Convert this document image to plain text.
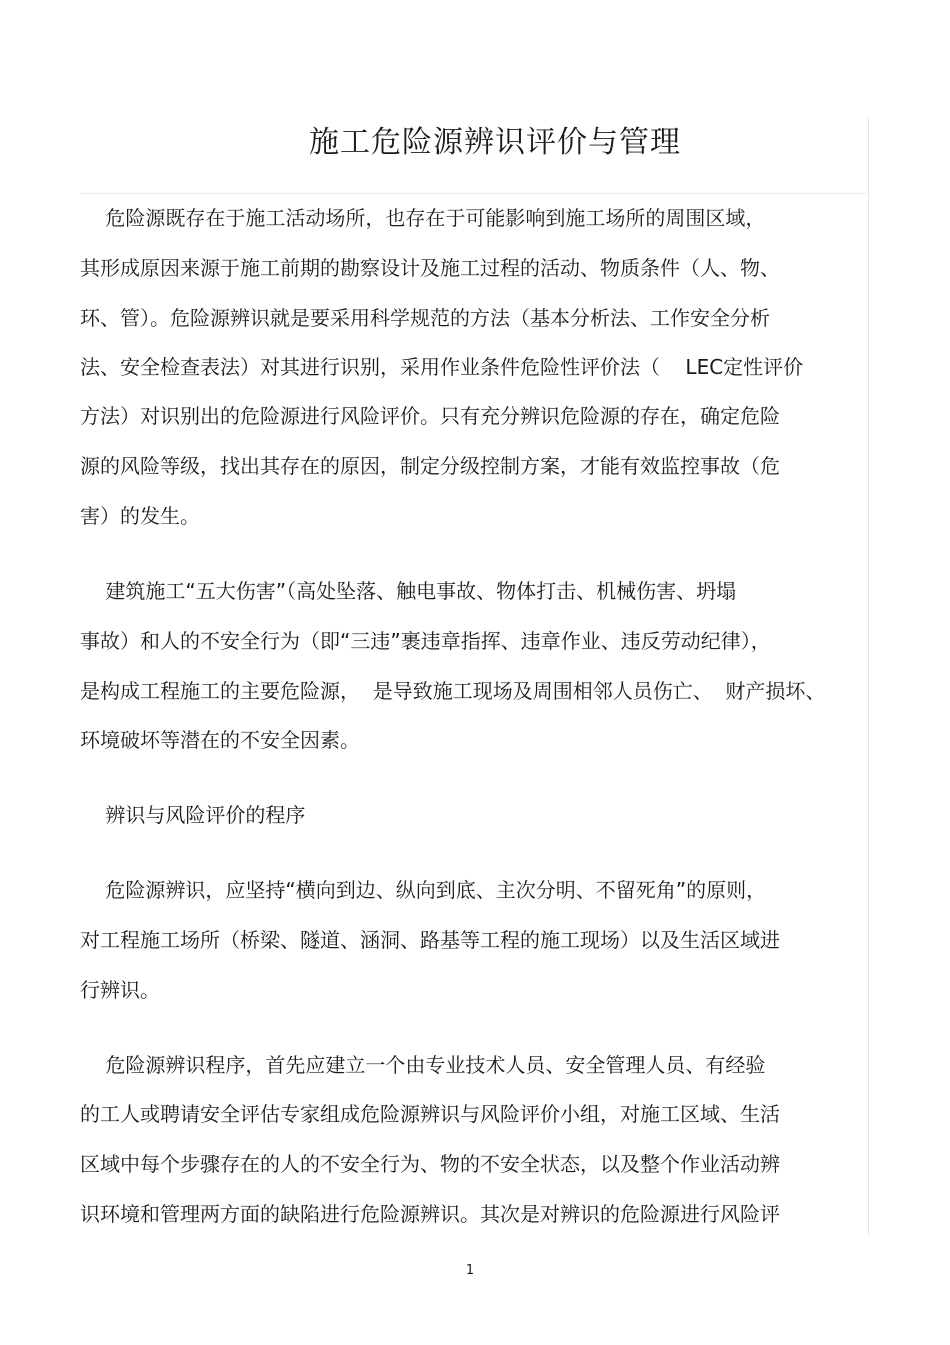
施工危险源辨识评价与管理

危险源既存在于施工活动场所，也存在于可能影响到施工场所的周围区域，

其形成原因来源于施工前期的勘察设计及施工过程的活动、物质条件（人、物、

环、管）。危险源辨识就是要采用科学规范的方法（基本分析法、工作安全分析

法、安全检查表法）对其进行识别，采用作业条件危险性评价法（    LEC定性评价

方法）对识别出的危险源进行风险评价。只有充分辨识危险源的存在，确定危险

源的风险等级，找出其存在的原因，制定分级控制方案，才能有效监控事故（危

害）的发生。

建筑施工“五大伤害”（高处坠落、触电事故、物体打击、机械伤害、坍塌

事故）和人的不安全行为（即“三违”裹违章指挥、违章作业、违反劳动纪律），

是构成工程施工的主要危险源，  是导致施工现场及周围相邻人员伤亡、  财产损坏、

环境破坏等潜在的不安全因素。

辨识与风险评价的程序

危险源辨识，应坚持“横向到边、纵向到底、主次分明、不留死角”的原则，

对工程施工场所（桥梁、隧道、涵洞、路基等工程的施工现场）以及生活区域进

行辨识。

危险源辨识程序，首先应建立一个由专业技术人员、安全管理人员、有经验

的工人或聘请安全评估专家组成危险源辨识与风险评价小组，对施工区域、生活

区域中每个步骤存在的人的不安全行为、物的不安全状态，以及整个作业活动辨

识环境和管理两方面的缺陷进行危险源辨识。其次是对辨识的危险源进行风险评

1
